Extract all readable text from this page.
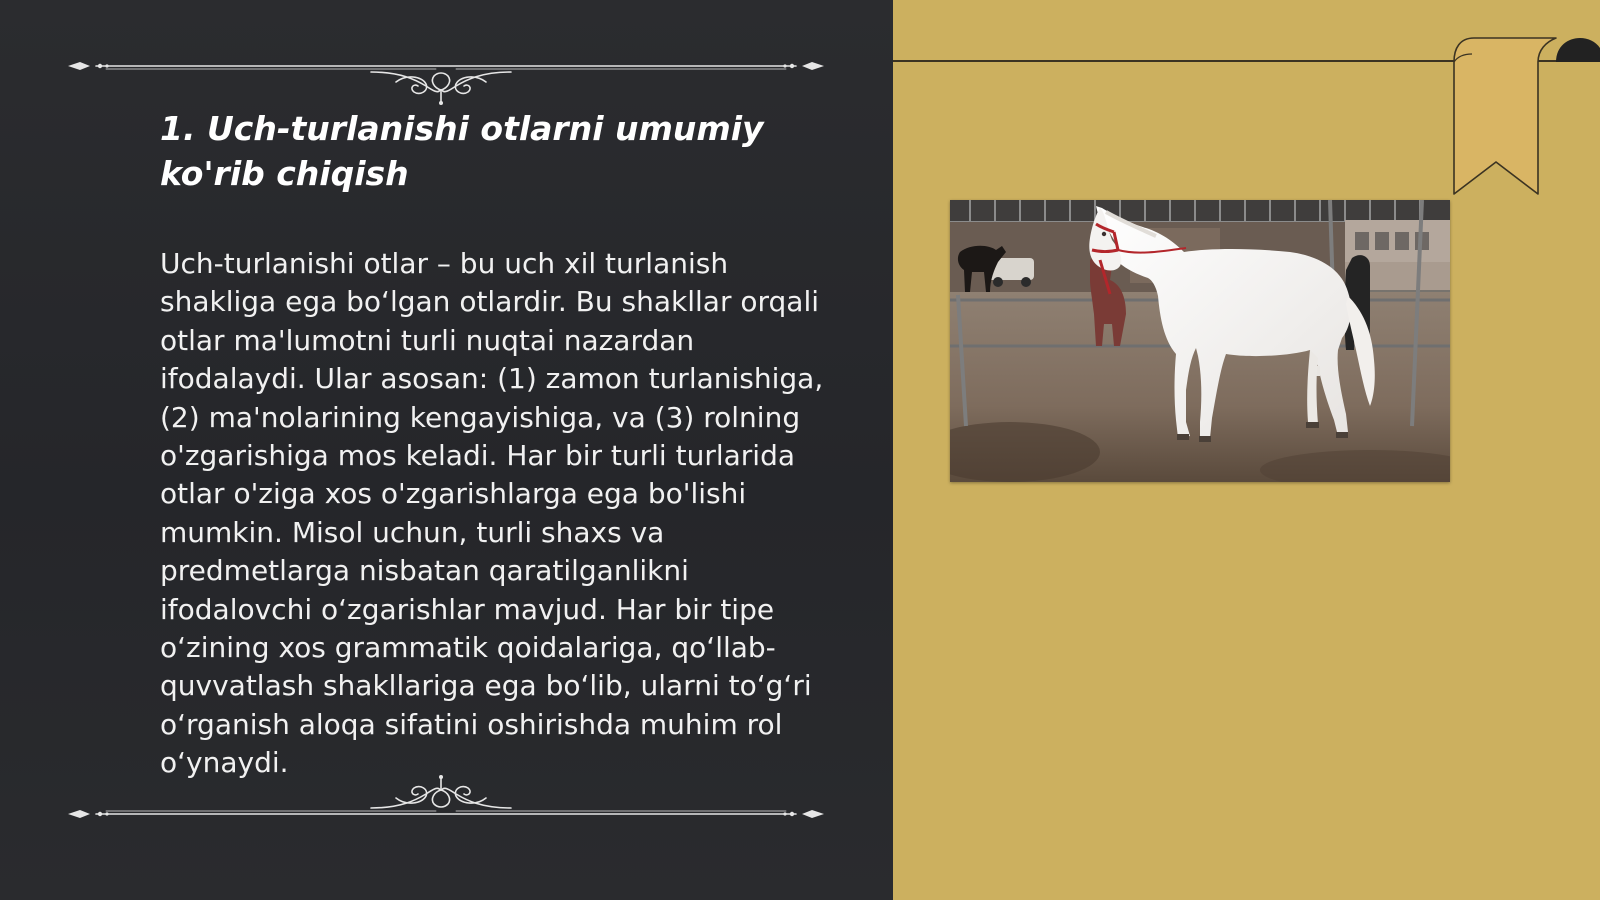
1. Uch-turlanishi otlarni umumiy ko'rib chiqish

Uch-turlanishi otlar – bu uch xil turlanish shakliga ega bo‘lgan otlardir. Bu shakllar orqali otlar ma'lumotni turli nuqtai nazardan ifodalaydi. Ular asosan: (1) zamon turlanishiga, (2) ma'nolarining kengayishiga, va (3) rolning o'zgarishiga mos keladi. Har bir turli turlarida otlar o'ziga xos o'zgarishlarga ega bo'lishi mumkin. Misol uchun, turli shaxs va predmetlarga nisbatan qaratilganlikni ifodalovchi o‘zgarishlar mavjud. Har bir tipe o‘zining xos grammatik qoidalariga, qo‘llab-quvvatlash shakllariga ega bo‘lib, ularni to‘g‘ri o‘rganish aloqa sifatini oshirishda muhim rol o‘ynaydi.
